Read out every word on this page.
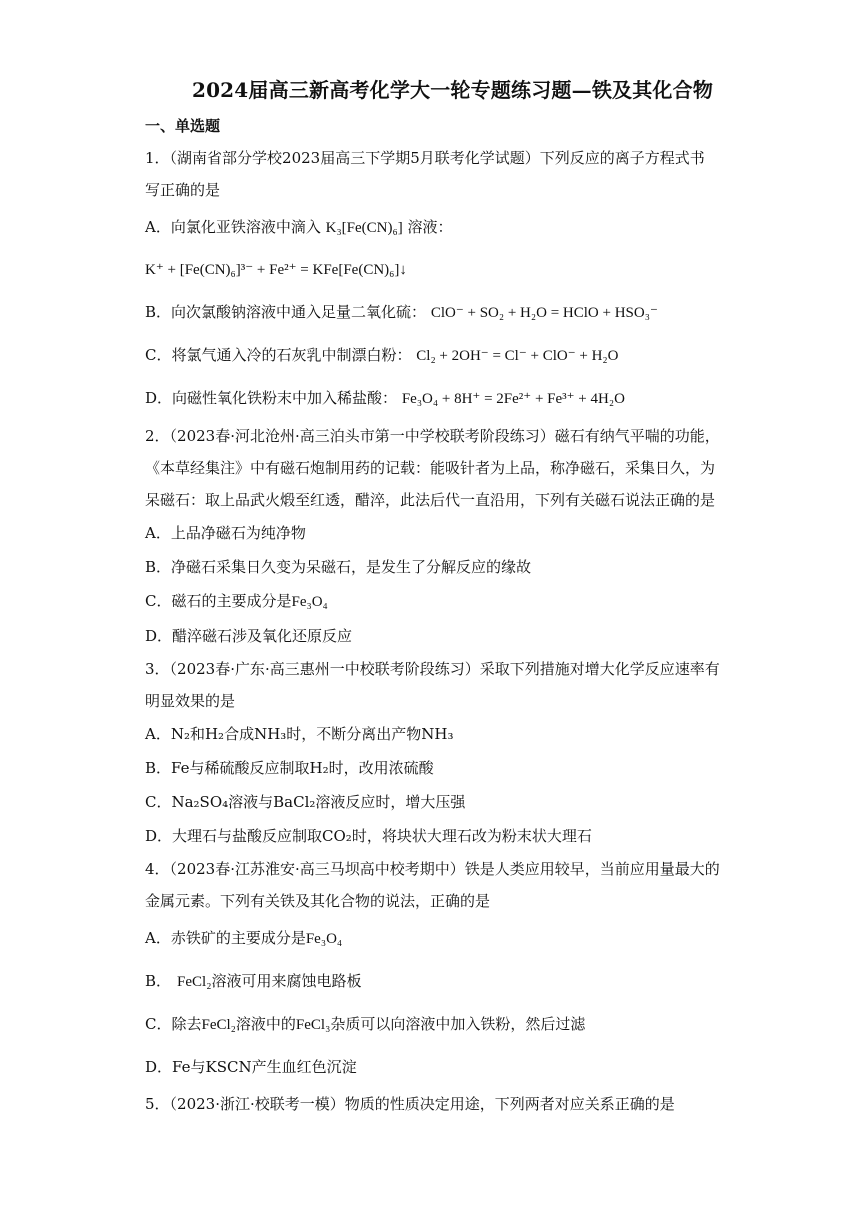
2024届高三新高考化学大一轮专题练习题—铁及其化合物
一、单选题
1．（湖南省部分学校2023届高三下学期5月联考化学试题）下列反应的离子方程式书
写正确的是
A．向氯化亚铁溶液中滴入 K₃[Fe(CN)₆] 溶液：
K⁺ + [Fe(CN)₆]³⁻ + Fe²⁺ = KFe[Fe(CN)₆]↓
B．向次氯酸钠溶液中通入足量二氧化硫： ClO⁻ + SO₂ + H₂O = HClO + HSO₃⁻
C．将氯气通入冷的石灰乳中制漂白粉： Cl₂ + 2OH⁻ = Cl⁻ + ClO⁻ + H₂O
D．向磁性氧化铁粉末中加入稀盐酸： Fe₃O₄ + 8H⁺ = 2Fe²⁺ + Fe³⁺ + 4H₂O
2．（2023春·河北沧州·高三泊头市第一中学校联考阶段练习）磁石有纳气平喘的功能，
《本草经集注》中有磁石炮制用药的记载：能吸针者为上品，称净磁石，采集日久，为
呆磁石：取上品武火煅至红透，醋淬，此法后代一直沿用，下列有关磁石说法正确的是
A．上品净磁石为纯净物
B．净磁石采集日久变为呆磁石，是发生了分解反应的缘故
C．磁石的主要成分是Fe₃O₄
D．醋淬磁石涉及氧化还原反应
3．（2023春·广东·高三惠州一中校联考阶段练习）采取下列措施对增大化学反应速率有
明显效果的是
A．N₂和H₂合成NH₃时，不断分离出产物NH₃
B．Fe与稀硫酸反应制取H₂时，改用浓硫酸
C．Na₂SO₄溶液与BaCl₂溶液反应时，增大压强
D．大理石与盐酸反应制取CO₂时，将块状大理石改为粉末状大理石
4．（2023春·江苏淮安·高三马坝高中校考期中）铁是人类应用较早，当前应用量最大的
金属元素。下列有关铁及其化合物的说法，正确的是
A．赤铁矿的主要成分是Fe₃O₄
B． FeCl₂溶液可用来腐蚀电路板
C．除去FeCl₂溶液中的FeCl₃杂质可以向溶液中加入铁粉，然后过滤
D．Fe与KSCN产生血红色沉淀
5．（2023·浙江·校联考一模）物质的性质决定用途，下列两者对应关系正确的是
